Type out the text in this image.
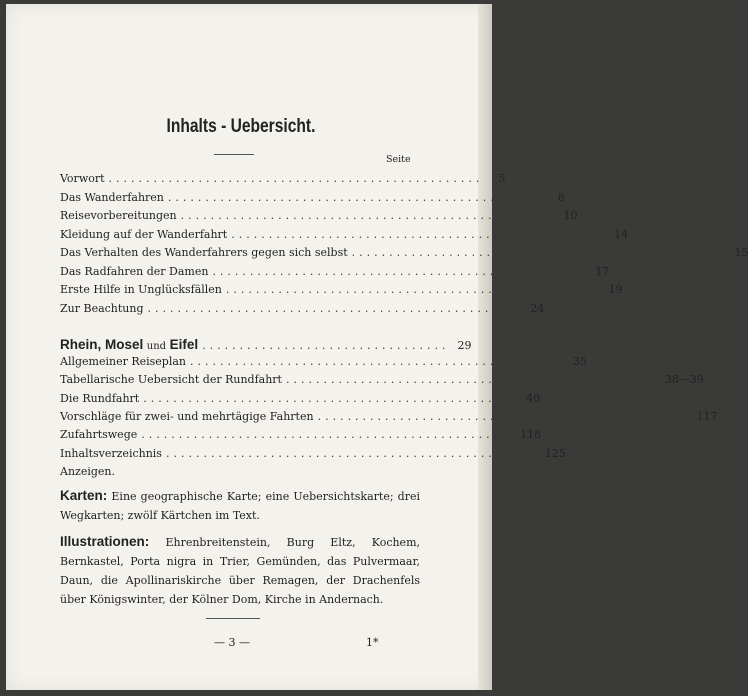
Inhalts - Uebersicht.
Seite
Vorwort ..................................................	5
Das Wanderfahren ..................................................	8
Reisevorbereitungen .................................................. 10
Kleidung auf der Wanderfahrt .................................................. 14
Das Verhalten des Wanderfahrers gegen sich selbst .................................................. 15
Das Radfahren der Damen .................................................. 17
Erste Hilfe in Unglücksfällen .................................................. 19
Zur Beachtung .................................................. 24
Rhein, Mosel und Eifel ................................. 29
Allgemeiner Reiseplan .................................................. 35
Tabellarische Uebersicht der Rundfahrt .................................................. 38—39
Die Rundfahrt .................................................. 40
Vorschläge für zwei- und mehrtägige Fahrten .................................................. 117
Zufahrtswege .................................................. 118
Inhaltsverzeichnis .................................................. 125
Anzeigen.
Karten: Eine geographische Karte; eine Uebersichtskarte; drei Wegkarten; zwölf Kärtchen im Text.
Illustrationen: Ehrenbreitenstein, Burg Eltz, Kochem, Bernkastel, Porta nigra in Trier, Gemünden, das Pulvermaar, Daun, die Apollinariskirche über Remagen, der Drachenfels über Königswinter, der Kölner Dom, Kirche in Andernach.
— 3 —	1*
